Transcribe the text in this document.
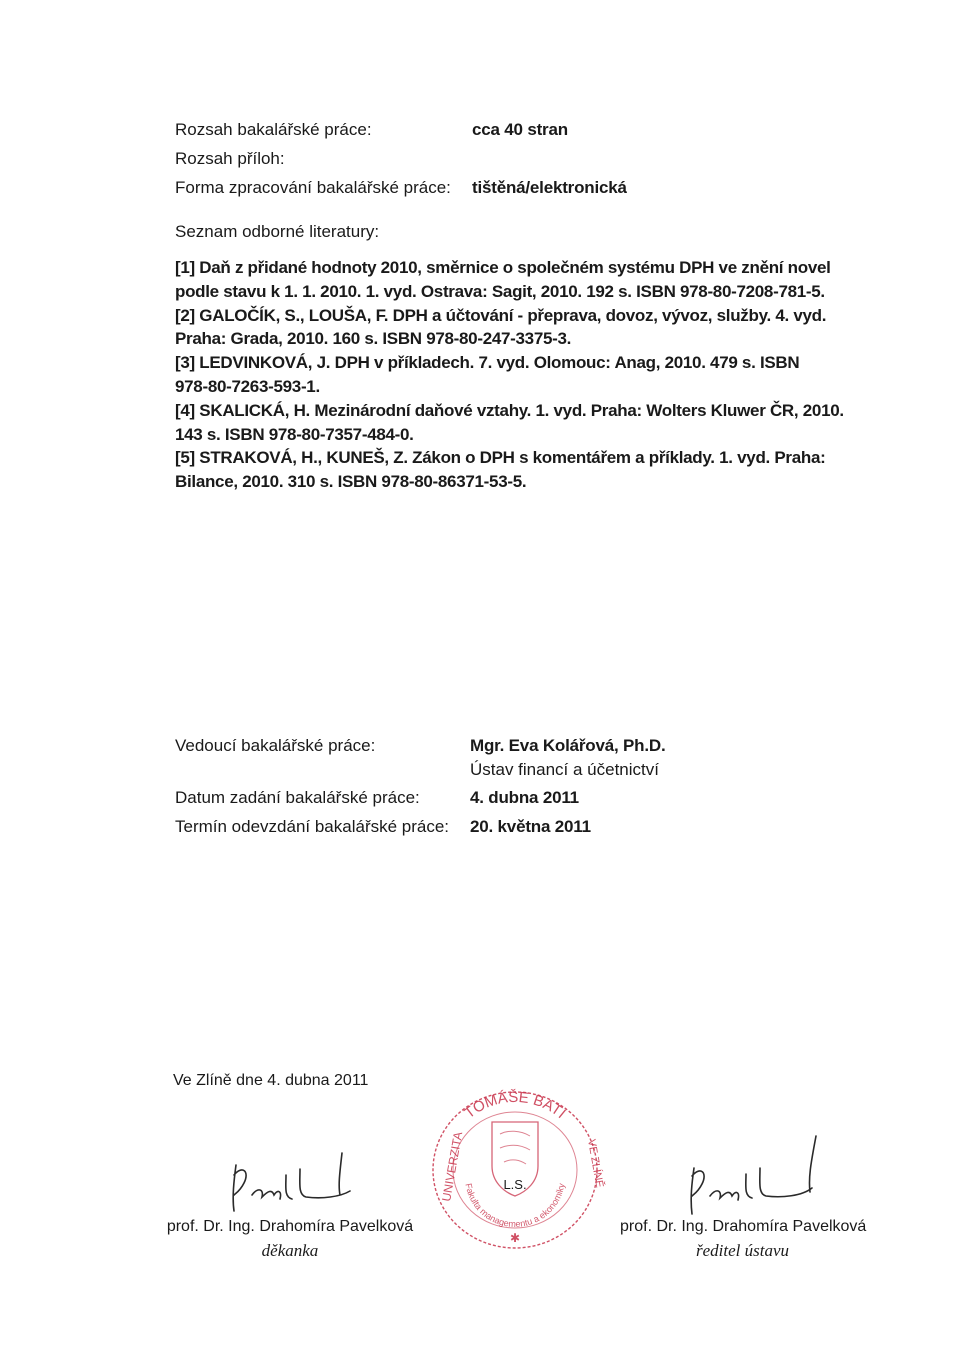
Rozsah bakalářské práce:	cca 40 stran
Rozsah příloh:
Forma zpracování bakalářské práce: tištěná/elektronická
Seznam odborné literatury:
[1] Daň z přidané hodnoty 2010, směrnice o společném systému DPH ve znění novel
podle stavu k 1. 1. 2010. 1. vyd. Ostrava: Sagit, 2010. 192 s. ISBN 978-80-7208-781-5.
[2] GALOČÍK, S., LOUŠA, F. DPH a účtování - přeprava, dovoz, vývoz, služby. 4. vyd.
Praha: Grada, 2010. 160 s. ISBN 978-80-247-3375-3.
[3] LEDVINKOVÁ, J. DPH v příkladech. 7. vyd. Olomouc: Anag, 2010. 479 s. ISBN
978-80-7263-593-1.
[4] SKALICKÁ, H. Mezinárodní daňové vztahy. 1. vyd. Praha: Wolters Kluwer ČR, 2010.
143 s. ISBN 978-80-7357-484-0.
[5] STRAKOVÁ, H., KUNEŠ, Z. Zákon o DPH s komentářem a příklady. 1. vyd. Praha:
Bilance, 2010. 310 s. ISBN 978-80-86371-53-5.
Vedoucí bakalářské práce:	Mgr. Eva Kolářová, Ph.D.
Ústav financí a účetnictví
Datum zadání bakalářské práce:	4. dubna 2011
Termín odevzdání bakalářské práce: 20. května 2011
Ve Zlíně dne 4. dubna 2011
prof. Dr. Ing. Drahomíra Pavelková
děkanka
TOMÁŠE BATI
UNIVERZITA	VE ZLÍNĚ
Fakulta managementu a ekonomiky
L.S.
✱
prof. Dr. Ing. Drahomíra Pavelková
ředitel ústavu
